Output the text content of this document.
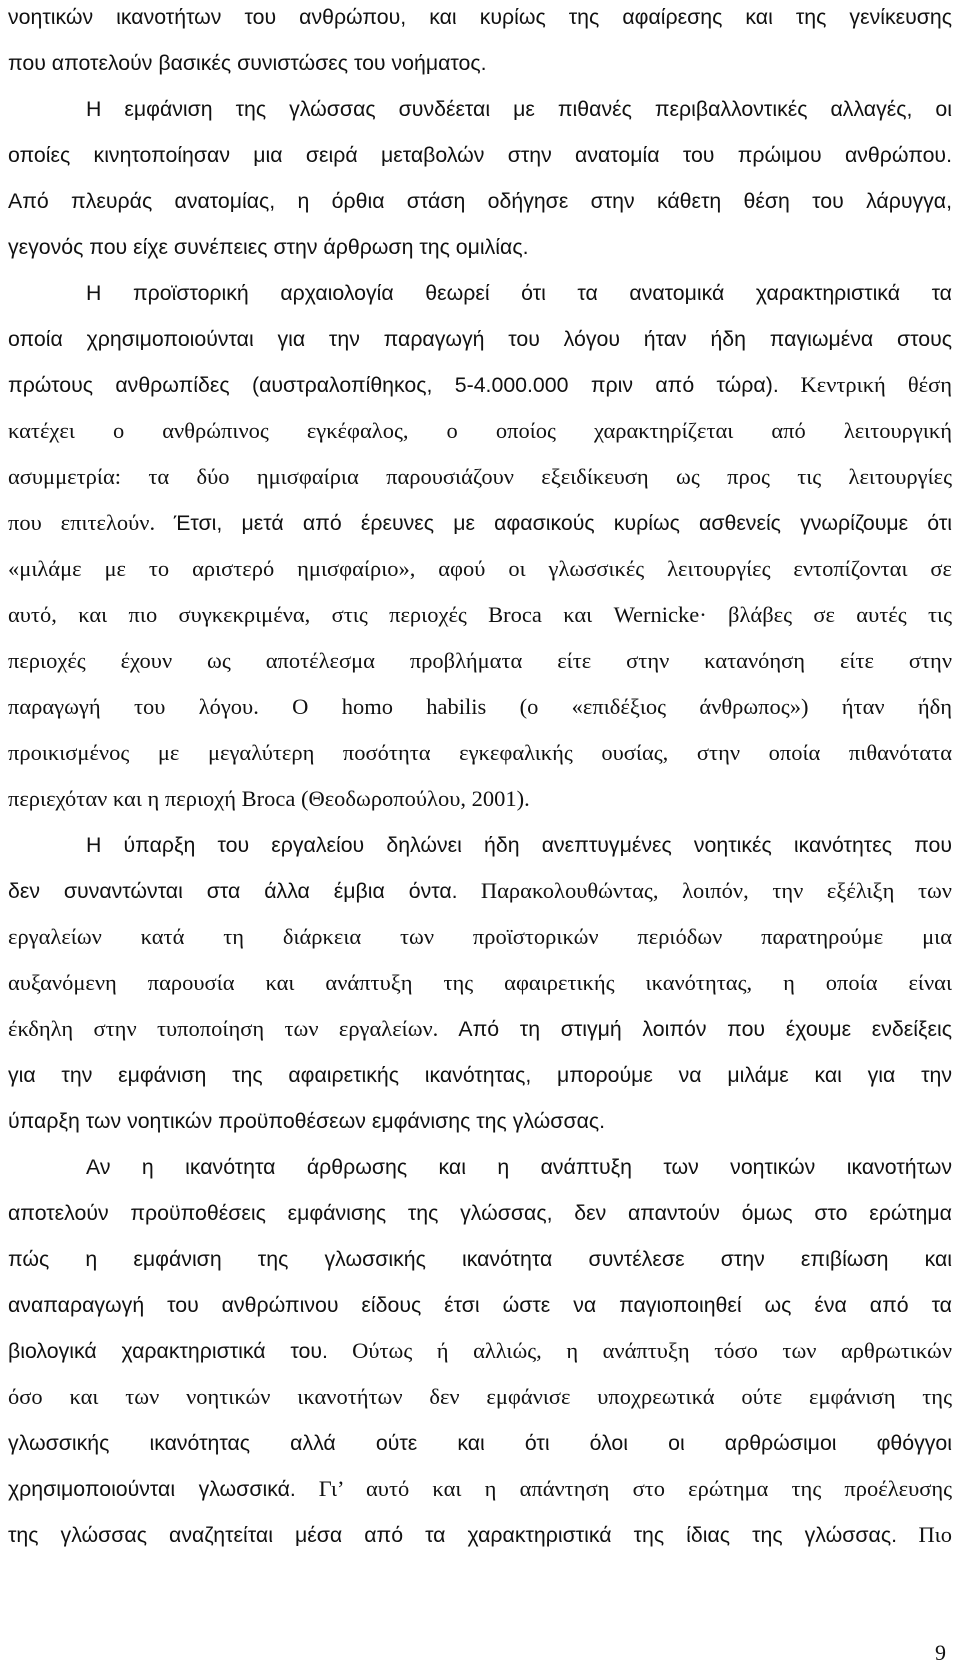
νοητικών ικανοτήτων του ανθρώπου, και κυρίως της αφαίρεσης και της γενίκευσης
που αποτελούν βασικές συνιστώσες του νοήματος.
Η εμφάνιση της γλώσσας συνδέεται με πιθανές περιβαλλοντικές αλλαγές, οι
οποίες κινητοποίησαν μια σειρά μεταβολών στην ανατομία του πρώιμου ανθρώπου.
Από πλευράς ανατομίας, η όρθια στάση οδήγησε στην κάθετη θέση του λάρυγγα,
γεγονός που είχε συνέπειες στην άρθρωση της ομιλίας.
Η προϊστορική αρχαιολογία θεωρεί ότι τα ανατομικά χαρακτηριστικά τα
οποία χρησιμοποιούνται για την παραγωγή του λόγου ήταν ήδη παγιωμένα στους
πρώτους ανθρωπίδες (αυστραλοπίθηκος, 5-4.000.000 πριν από τώρα). Κεντρική θέση
κατέχει ο ανθρώπινος εγκέφαλος, ο οποίος χαρακτηρίζεται από λειτουργική
ασυμμετρία: τα δύο ημισφαίρια παρουσιάζουν εξειδίκευση ως προς τις λειτουργίες
που επιτελούν. Έτσι, μετά από έρευνες με αφασικούς κυρίως ασθενείς γνωρίζουμε ότι
«μιλάμε με το αριστερό ημισφαίριο», αφού οι γλωσσικές λειτουργίες εντοπίζονται σε
αυτό, και πιο συγκεκριμένα, στις περιοχές Broca και Wernicke· βλάβες σε αυτές τις
περιοχές έχουν ως αποτέλεσμα προβλήματα είτε στην κατανόηση είτε στην
παραγωγή του λόγου. Ο homo habilis (ο «επιδέξιος άνθρωπος») ήταν ήδη
προικισμένος με μεγαλύτερη ποσότητα εγκεφαλικής ουσίας, στην οποία πιθανότατα
περιεχόταν και η περιοχή Broca (Θεοδωροπούλου, 2001).
Η ύπαρξη του εργαλείου δηλώνει ήδη ανεπτυγμένες νοητικές ικανότητες που
δεν συναντώνται στα άλλα έμβια όντα. Παρακολουθώντας, λοιπόν, την εξέλιξη των
εργαλείων κατά τη διάρκεια των προϊστορικών περιόδων παρατηρούμε μια
αυξανόμενη παρουσία και ανάπτυξη της αφαιρετικής ικανότητας, η οποία είναι
έκδηλη στην τυποποίηση των εργαλείων. Από τη στιγμή λοιπόν που έχουμε ενδείξεις
για την εμφάνιση της αφαιρετικής ικανότητας, μπορούμε να μιλάμε και για την
ύπαρξη των νοητικών προϋποθέσεων εμφάνισης της γλώσσας.
Αν η ικανότητα άρθρωσης και η ανάπτυξη των νοητικών ικανοτήτων
αποτελούν προϋποθέσεις εμφάνισης της γλώσσας, δεν απαντούν όμως στο ερώτημα
πώς η εμφάνιση της γλωσσικής ικανότητα συντέλεσε στην επιβίωση και
αναπαραγωγή του ανθρώπινου είδους έτσι ώστε να παγιοποιηθεί ως ένα από τα
βιολογικά χαρακτηριστικά του. Ούτως ή αλλιώς, η ανάπτυξη τόσο των αρθρωτικών
όσο και των νοητικών ικανοτήτων δεν εμφάνισε υποχρεωτικά ούτε εμφάνιση της
γλωσσικής ικανότητας αλλά ούτε και ότι όλοι οι αρθρώσιμοι φθόγγοι
χρησιμοποιούνται γλωσσικά. Γι’ αυτό και η απάντηση στο ερώτημα της προέλευσης
της γλώσσας αναζητείται μέσα από τα χαρακτηριστικά της ίδιας της γλώσσας. Πιο
9
